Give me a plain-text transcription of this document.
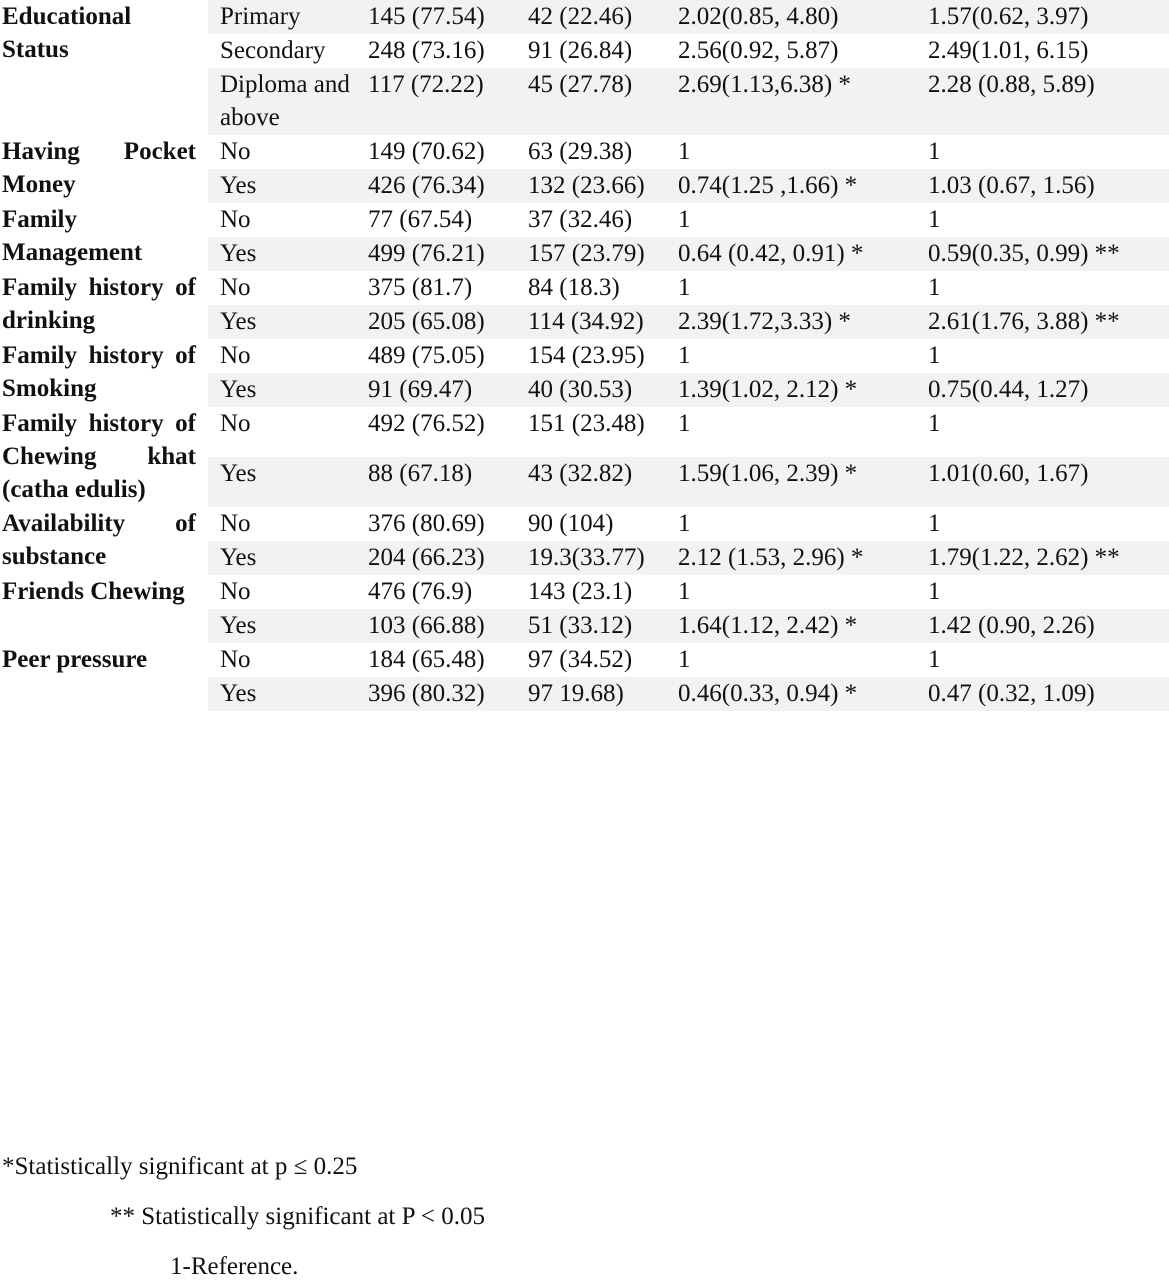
Educational Status	Primary	145 (77.54)	42 (22.46)	2.02(0.85, 4.80)	1.57(0.62, 3.97)
	Secondary	248 (73.16)	91 (26.84)	2.56(0.92, 5.87)	2.49(1.01, 6.15)
	Diploma and above	117 (72.22)	45 (27.78)	2.69(1.13,6.38) *	2.28 (0.88, 5.89)
Having Pocket Money	No	149 (70.62)	63 (29.38)	1	1
	Yes	426 (76.34)	132 (23.66)	0.74(1.25 ,1.66) *	1.03 (0.67, 1.56)
Family Management	No	77 (67.54)	37 (32.46)	1	1
	Yes	499 (76.21)	157 (23.79)	0.64 (0.42, 0.91) *	0.59(0.35, 0.99) **
Family history of drinking	No	375 (81.7)	84 (18.3)	1	1
	Yes	205 (65.08)	114 (34.92)	2.39(1.72,3.33) *	2.61(1.76, 3.88) **
Family history of Smoking	No	489 (75.05)	154 (23.95)	1	1
	Yes	91 (69.47)	40 (30.53)	1.39(1.02, 2.12) *	0.75(0.44, 1.27)
Family history of Chewing khat (catha edulis)	No	492 (76.52)	151 (23.48)	1	1
	Yes	88 (67.18)	43 (32.82)	1.59(1.06, 2.39) *	1.01(0.60, 1.67)
Availability of substance	No	376 (80.69)	90 (104)	1	1
	Yes	204 (66.23)	19.3(33.77)	2.12 (1.53, 2.96) *	1.79(1.22, 2.62) **
Friends Chewing	No	476 (76.9)	143 (23.1)	1	1
	Yes	103 (66.88)	51 (33.12)	1.64(1.12, 2.42) *	1.42 (0.90, 2.26)
Peer pressure	No	184 (65.48)	97 (34.52)	1	1
	Yes	396 (80.32)	97 19.68)	0.46(0.33, 0.94) *	0.47 (0.32, 1.09)
*Statistically significant at p ≤ 0.25
** Statistically significant at P < 0.05
1-Reference.
